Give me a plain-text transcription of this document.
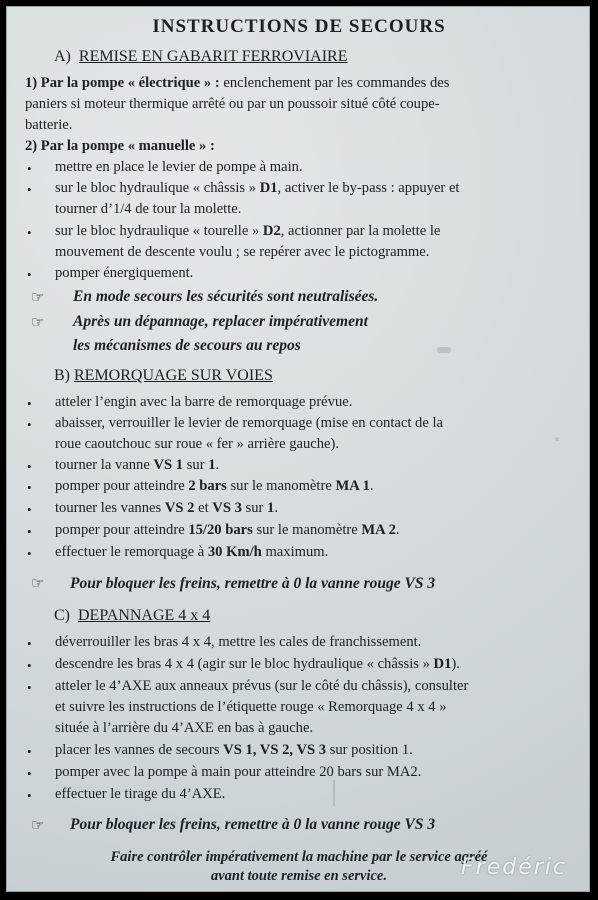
INSTRUCTIONS DE SECOURS
A) REMISE EN GABARIT FERROVIAIRE
1) Par la pompe « électrique » : enclenchement par les commandes des
paniers si moteur thermique arrêté ou par un poussoir situé côté coupe-
batterie.
2) Par la pompe « manuelle » :
• mettre en place le levier de pompe à main.
• sur le bloc hydraulique « châssis » D1, activer le by-pass : appuyer et
tourner d’1/4 de tour la molette.
• sur le bloc hydraulique « tourelle » D2, actionner par la molette le
mouvement de descente voulu ; se repérer avec le pictogramme.
• pomper énergiquement.
☞ En mode secours les sécurités sont neutralisées.
☞ Après un dépannage, replacer impérativement
les mécanismes de secours au repos
B) REMORQUAGE SUR VOIES
• atteler l’engin avec la barre de remorquage prévue.
• abaisser, verrouiller le levier de remorquage (mise en contact de la
roue caoutchouc sur roue « fer » arrière gauche).
• tourner la vanne VS 1 sur 1.
• pomper pour atteindre 2 bars sur le manomètre MA 1.
• tourner les vannes VS 2 et VS 3 sur 1.
• pomper pour atteindre 15/20 bars sur le manomètre MA 2.
• effectuer le remorquage à 30 Km/h maximum.
☞ Pour bloquer les freins, remettre à 0 la vanne rouge VS 3
C) DEPANNAGE 4 x 4
• déverrouiller les bras 4 x 4, mettre les cales de franchissement.
• descendre les bras 4 x 4 (agir sur le bloc hydraulique « châssis » D1).
• atteler le 4’AXE aux anneaux prévus (sur le côté du châssis), consulter
et suivre les instructions de l’étiquette rouge « Remorquage 4 x 4 »
située à l’arrière du 4’AXE en bas à gauche.
• placer les vannes de secours VS 1, VS 2, VS 3 sur position 1.
• pomper avec la pompe à main pour atteindre 20 bars sur MA2.
• effectuer le tirage du 4’AXE.
☞ Pour bloquer les freins, remettre à 0 la vanne rouge VS 3
Faire contrôler impérativement la machine par le service agréé
avant toute remise en service.	Fredéric
